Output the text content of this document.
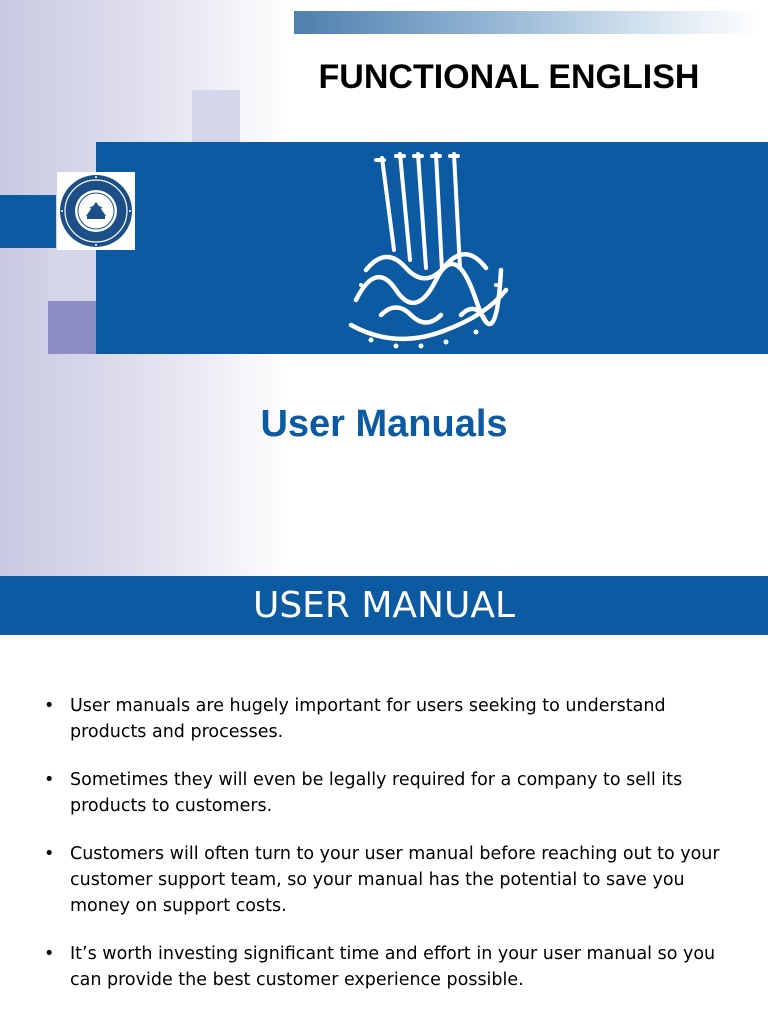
FUNCTIONAL ENGLISH
User Manuals
USER MANUAL
• User manuals are hugely important for users seeking to understand products and processes.
• Sometimes they will even be legally required for a company to sell its products to customers.
• Customers will often turn to your user manual before reaching out to your customer support team, so your manual has the potential to save you money on support costs.
• It’s worth investing significant time and effort in your user manual so you can provide the best customer experience possible.
